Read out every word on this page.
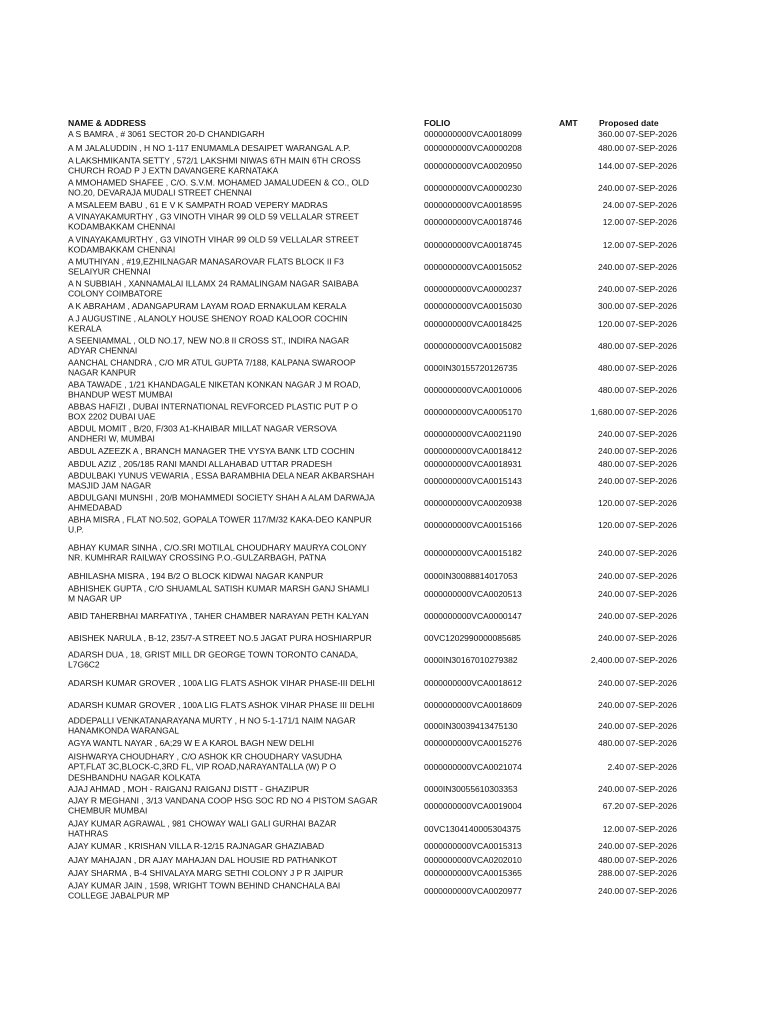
NAME & ADDRESS	FOLIO	AMT Proposed date
A S BAMRA , # 3061 SECTOR 20-D CHANDIGARH	0000000000VCA0018099	360.00 07-SEP-2026
A M JALALUDDIN , H NO 1-117 ENUMAMLA DESAIPET WARANGAL A.P.	0000000000VCA0000208	480.00 07-SEP-2026
A LAKSHMIKANTA SETTY , 572/1 LAKSHMI NIWAS 6TH MAIN 6TH CROSS
CHURCH ROAD P J EXTN DAVANGERE KARNATAKA
0000000000VCA0020950	144.00 07-SEP-2026
A MMOHAMED SHAFEE , C/O. S.V.M. MOHAMED JAMALUDEEN & CO., OLD
NO.20, DEVARAJA MUDALI STREET CHENNAI
0000000000VCA0000230	240.00 07-SEP-2026
A MSALEEM BABU , 61 E V K SAMPATH ROAD VEPERY MADRAS	0000000000VCA0018595	24.00 07-SEP-2026
A VINAYAKAMURTHY , G3 VINOTH VIHAR 99 OLD 59 VELLALAR STREET
KODAMBAKKAM CHENNAI
0000000000VCA0018746	12.00 07-SEP-2026
A VINAYAKAMURTHY , G3 VINOTH VIHAR 99 OLD 59 VELLALAR STREET
KODAMBAKKAM CHENNAI
0000000000VCA0018745	12.00 07-SEP-2026
A MUTHIYAN , #19,EZHILNAGAR MANASAROVAR FLATS BLOCK II F3
SELAIYUR CHENNAI
0000000000VCA0015052	240.00 07-SEP-2026
A N SUBBIAH , XANNAMALAI ILLAMX 24 RAMALINGAM NAGAR SAIBABA
COLONY COIMBATORE
0000000000VCA0000237	240.00 07-SEP-2026
A K ABRAHAM , ADANGAPURAM LAYAM ROAD ERNAKULAM KERALA	0000000000VCA0015030	300.00 07-SEP-2026
A J AUGUSTINE , ALANOLY HOUSE SHENOY ROAD KALOOR COCHIN
KERALA
0000000000VCA0018425	120.00 07-SEP-2026
A SEENIAMMAL , OLD NO.17, NEW NO.8 II CROSS ST., INDIRA NAGAR
ADYAR CHENNAI
0000000000VCA0015082	480.00 07-SEP-2026
AANCHAL CHANDRA , C/O MR ATUL GUPTA 7/188, KALPANA SWAROOP
NAGAR KANPUR
0000IN30155720126735	480.00 07-SEP-2026
ABA TAWADE , 1/21 KHANDAGALE NIKETAN KONKAN NAGAR J M ROAD,
BHANDUP WEST MUMBAI
0000000000VCA0010006	480.00 07-SEP-2026
ABBAS HAFIZI , DUBAI INTERNATIONAL REVFORCED PLASTIC PUT P O
BOX 2202 DUBAI UAE
0000000000VCA0005170	1,680.00 07-SEP-2026
ABDUL MOMIT , B/20, F/303 A1-KHAIBAR MILLAT NAGAR VERSOVA
ANDHERI W, MUMBAI
0000000000VCA0021190	240.00 07-SEP-2026
ABDUL AZEEZK A , BRANCH MANAGER THE VYSYA BANK LTD COCHIN	0000000000VCA0018412	240.00 07-SEP-2026
ABDUL AZIZ , 205/185 RANI MANDI ALLAHABAD UTTAR PRADESH	0000000000VCA0018931	480.00 07-SEP-2026
ABDULBAKI YUNUS VEWARIA , ESSA BARAMBHIA DELA NEAR AKBARSHAH
MASJID JAM NAGAR
0000000000VCA0015143	240.00 07-SEP-2026
ABDULGANI MUNSHI , 20/B MOHAMMEDI SOCIETY SHAH A ALAM DARWAJA
AHMEDABAD
0000000000VCA0020938	120.00 07-SEP-2026
ABHA MISRA , FLAT NO.502, GOPALA TOWER 117/M/32 KAKA-DEO KANPUR
U.P.
0000000000VCA0015166	120.00 07-SEP-2026
ABHAY KUMAR SINHA , C/O.SRI MOTILAL CHOUDHARY MAURYA COLONY
NR. KUMHRAR RAILWAY CROSSING P.O.-GULZARBAGH, PATNA
0000000000VCA0015182	240.00 07-SEP-2026
ABHILASHA MISRA , 194 B/2 O BLOCK KIDWAI NAGAR KANPUR	0000IN30088814017053	240.00 07-SEP-2026
ABHISHEK GUPTA , C/O SHUAMLAL SATISH KUMAR MARSH GANJ SHAMLI
M NAGAR UP
0000000000VCA0020513	240.00 07-SEP-2026
ABID TAHERBHAI MARFATIYA , TAHER CHAMBER NARAYAN PETH KALYAN	0000000000VCA0000147	240.00 07-SEP-2026
ABISHEK NARULA , B-12, 235/7-A STREET NO.5 JAGAT PURA HOSHIARPUR	00VC1202990000085685	240.00 07-SEP-2026
ADARSH DUA , 18, GRIST MILL DR GEORGE TOWN TORONTO CANADA,
L7G6C2
0000IN30167010279382	2,400.00 07-SEP-2026
ADARSH KUMAR GROVER , 100A LIG FLATS ASHOK VIHAR PHASE-III DELHI	0000000000VCA0018612	240.00 07-SEP-2026
ADARSH KUMAR GROVER , 100A LIG FLATS ASHOK VIHAR PHASE III DELHI	0000000000VCA0018609	240.00 07-SEP-2026
ADDEPALLI VENKATANARAYANA MURTY , H NO 5-1-171/1 NAIM NAGAR
HANAMKONDA WARANGAL
0000IN30039413475130	240.00 07-SEP-2026
AGYA WANTL NAYAR , 6A;29 W E A KAROL BAGH NEW DELHI	0000000000VCA0015276	480.00 07-SEP-2026
AISHWARYA CHOUDHARY , C/O ASHOK KR CHOUDHARY VASUDHA
APT,FLAT 3C,BLOCK-C,3RD FL, VIP ROAD,NARAYANTALLA (W) P O
DESHBANDHU NAGAR KOLKATA
0000000000VCA0021074	2.40 07-SEP-2026
AJAJ AHMAD , MOH - RAIGANJ RAIGANJ DISTT - GHAZIPUR	0000IN30055610303353	240.00 07-SEP-2026
AJAY R MEGHANI , 3/13 VANDANA COOP HSG SOC RD NO 4 PISTOM SAGAR
CHEMBUR MUMBAI
0000000000VCA0019004	67.20 07-SEP-2026
AJAY KUMAR AGRAWAL , 981 CHOWAY WALI GALI GURHAI BAZAR
HATHRAS
00VC1304140005304375	12.00 07-SEP-2026
AJAY KUMAR , KRISHAN VILLA R-12/15 RAJNAGAR GHAZIABAD	0000000000VCA0015313	240.00 07-SEP-2026
AJAY MAHAJAN , DR AJAY MAHAJAN DAL HOUSIE RD PATHANKOT	0000000000VCA0202010	480.00 07-SEP-2026
AJAY SHARMA , B-4 SHIVALAYA MARG SETHI COLONY J P R JAIPUR	0000000000VCA0015365	288.00 07-SEP-2026
AJAY KUMAR JAIN , 1598, WRIGHT TOWN BEHIND CHANCHALA BAI
COLLEGE JABALPUR MP
0000000000VCA0020977	240.00 07-SEP-2026
